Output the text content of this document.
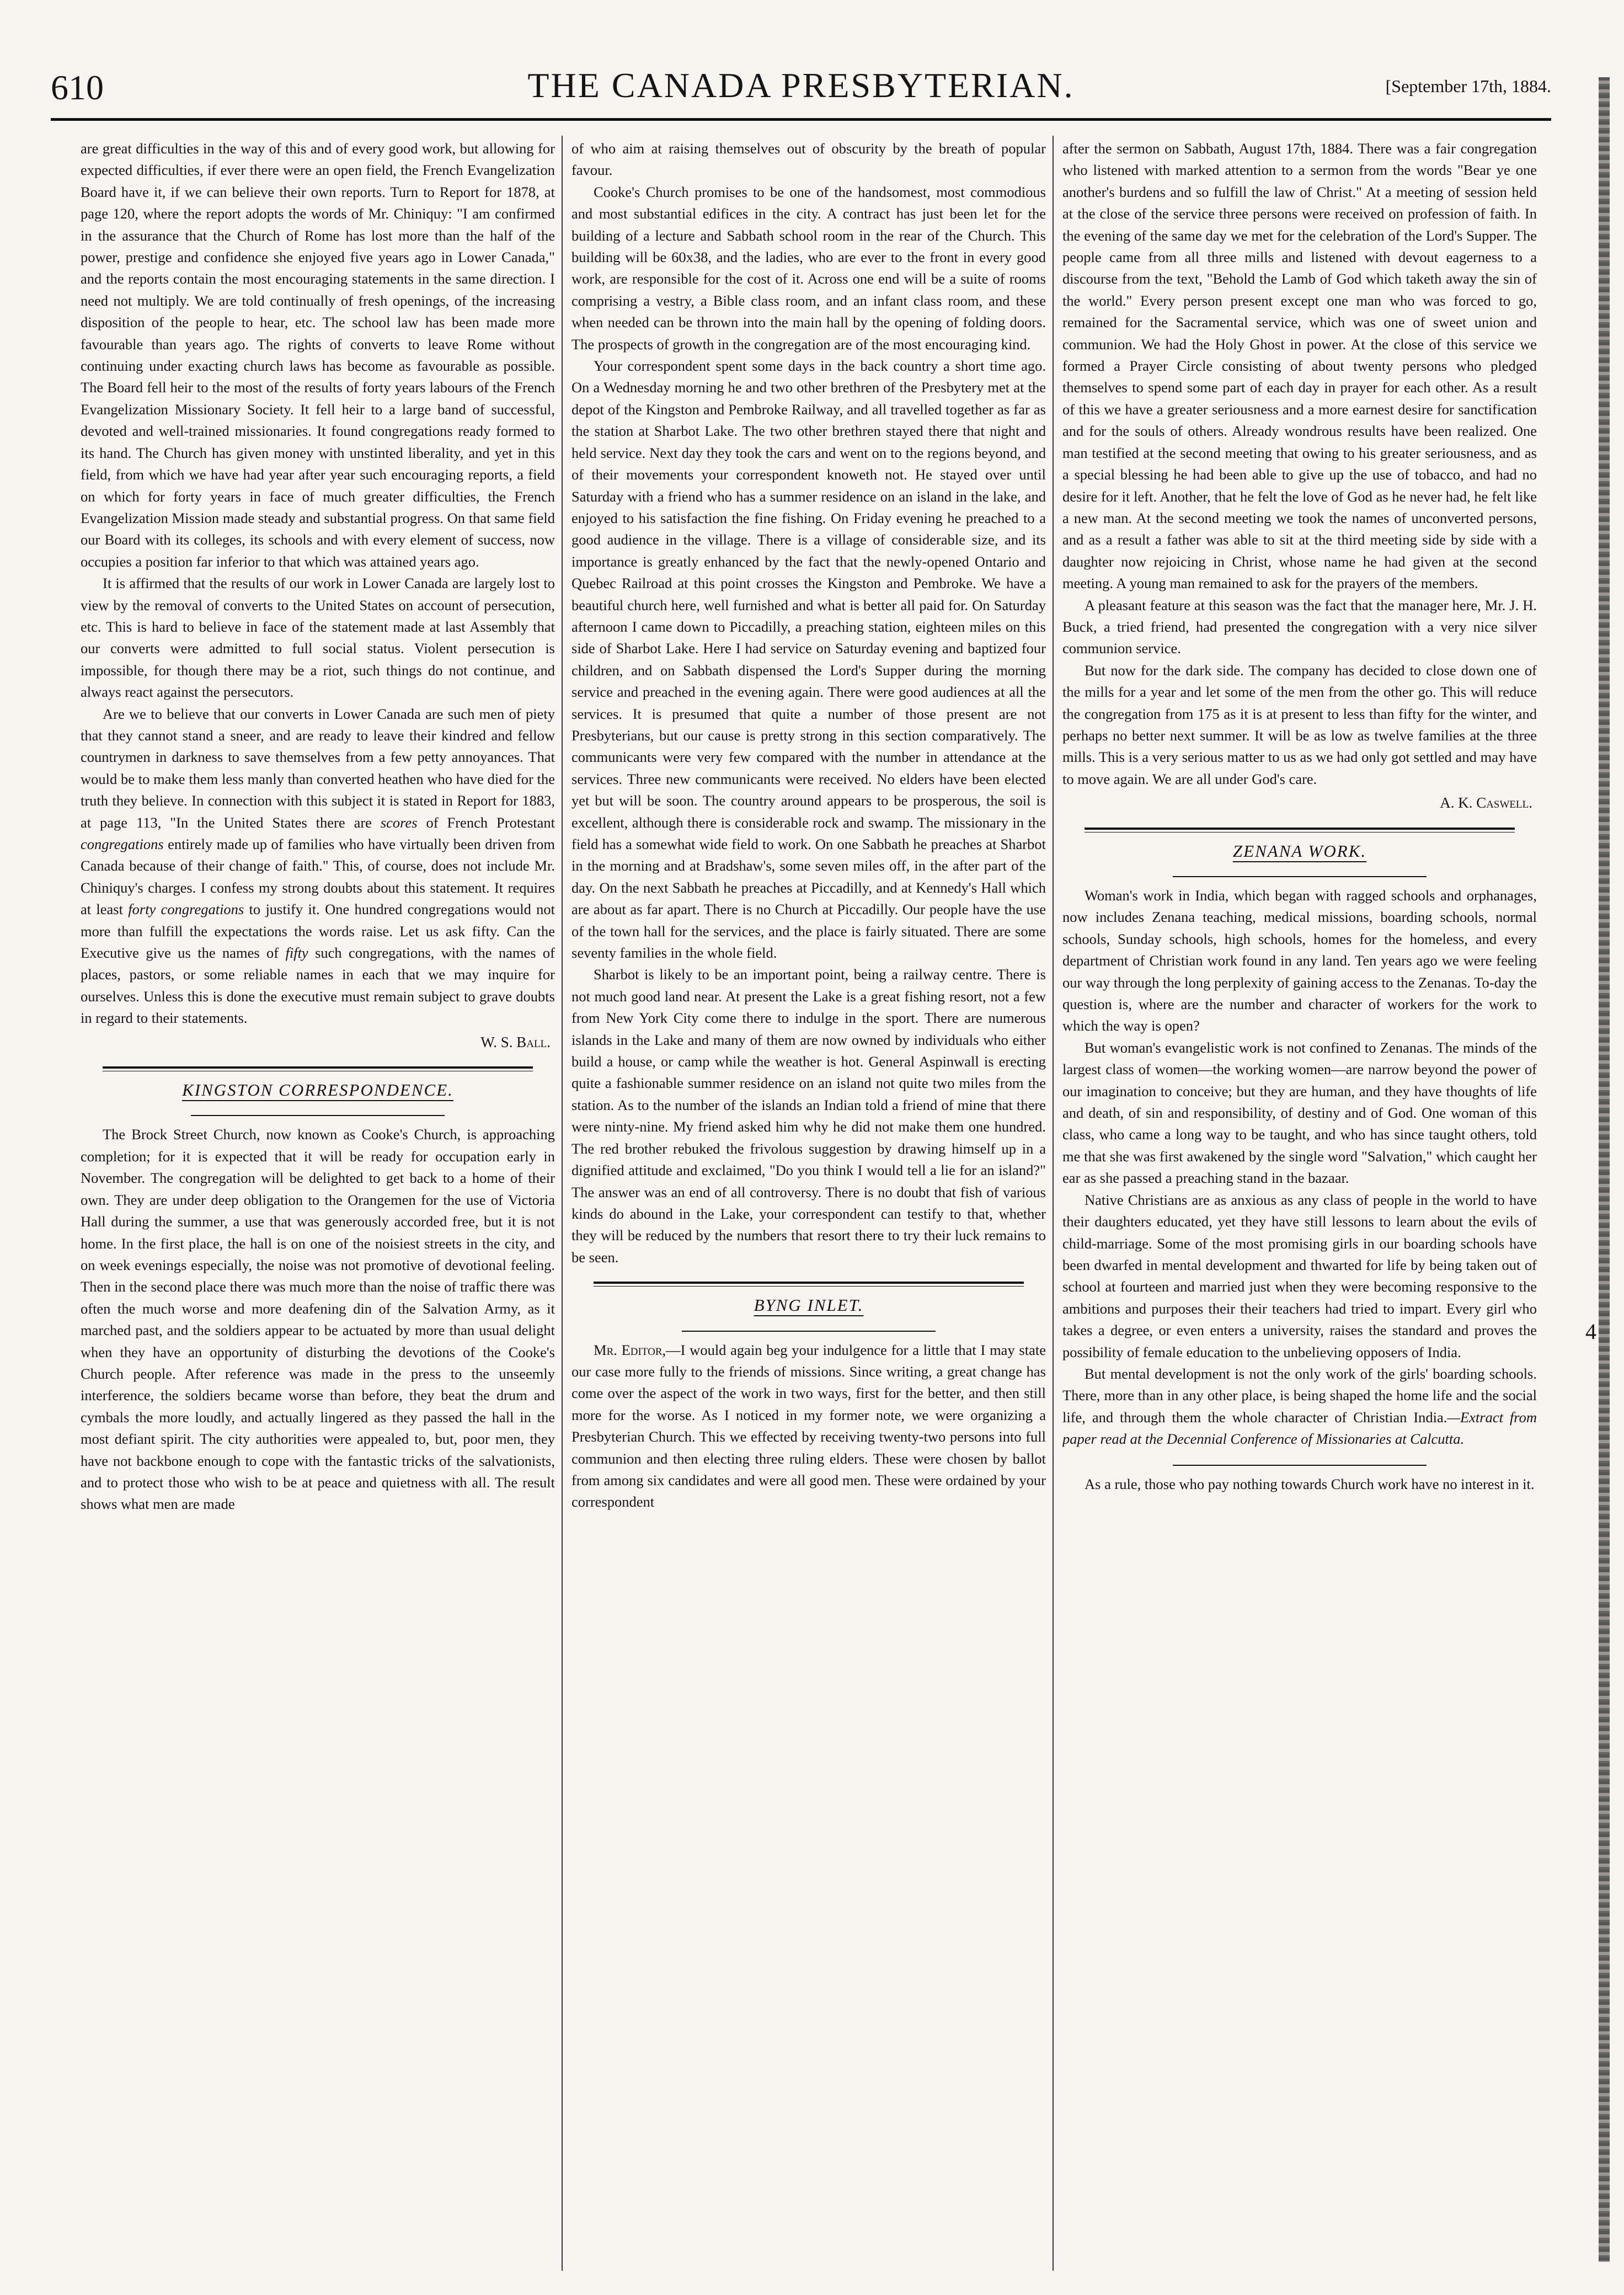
610	THE CANADA PRESBYTERIAN.	[September 17th, 1884.

are great difficulties in the way of this and of every good work, but allowing for expected difficulties, if ever there were an open field, the French Evangelization Board have it, if we can believe their own reports. Turn to Report for 1878, at page 120, where the report adopts the words of Mr. Chiniquy: "I am confirmed in the assurance that the Church of Rome has lost more than the half of the power, prestige and confidence she enjoyed five years ago in Lower Canada," and the reports contain the most encouraging statements in the same direction. I need not multiply. We are told continually of fresh openings, of the increasing disposition of the people to hear, etc. The school law has been made more favourable than years ago. The rights of converts to leave Rome without continuing under exacting church laws has become as favourable as possible. The Board fell heir to the most of the results of forty years labours of the French Evangelization Missionary Society. It fell heir to a large band of successful, devoted and well-trained missionaries. It found congregations ready formed to its hand. The Church has given money with unstinted liberality, and yet in this field, from which we have had year after year such encouraging reports, a field on which for forty years in face of much greater difficulties, the French Evangelization Mission made steady and substantial progress. On that same field our Board with its colleges, its schools and with every element of success, now occupies a position far inferior to that which was attained years ago.

It is affirmed that the results of our work in Lower Canada are largely lost to view by the removal of converts to the United States on account of persecution, etc. This is hard to believe in face of the statement made at last Assembly that our converts were admitted to full social status. Violent persecution is impossible, for though there may be a riot, such things do not continue, and always react against the persecutors.

Are we to believe that our converts in Lower Canada are such men of piety that they cannot stand a sneer, and are ready to leave their kindred and fellow countrymen in darkness to save themselves from a few petty annoyances. That would be to make them less manly than converted heathen who have died for the truth they believe. In connection with this subject it is stated in Report for 1883, at page 113, "In the United States there are scores of French Protestant congregations entirely made up of families who have virtually been driven from Canada because of their change of faith." This, of course, does not include Mr. Chiniquy's charges. I confess my strong doubts about this statement. It requires at least forty congregations to justify it. One hundred congregations would not more than fulfill the expectations the words raise. Let us ask fifty. Can the Executive give us the names of fifty such congregations, with the names of places, pastors, or some reliable names in each that we may inquire for ourselves. Unless this is done the executive must remain subject to grave doubts in regard to their statements.

W. S. Ball.
KINGSTON CORRESPONDENCE.

The Brock Street Church, now known as Cooke's Church, is approaching completion; for it is expected that it will be ready for occupation early in November. The congregation will be delighted to get back to a home of their own. They are under deep obligation to the Orangemen for the use of Victoria Hall during the summer, a use that was generously accorded free, but it is not home. In the first place, the hall is on one of the noisiest streets in the city, and on week evenings especially, the noise was not promotive of devotional feeling. Then in the second place there was much more than the noise of traffic there was often the much worse and more deafening din of the Salvation Army, as it marched past, and the soldiers appear to be actuated by more than usual delight when they have an opportunity of disturbing the devotions of the Cooke's Church people. After reference was made in the press to the unseemly interference, the soldiers became worse than before, they beat the drum and cymbals the more loudly, and actually lingered as they passed the hall in the most defiant spirit. The city authorities were appealed to, but, poor men, they have not backbone enough to cope with the fantastic tricks of the salvationists, and to protect those who wish to be at peace and quietness with all. The result shows what men are made

of who aim at raising themselves out of obscurity by the breath of popular favour.

Cooke's Church promises to be one of the handsomest, most commodious and most substantial edifices in the city. A contract has just been let for the building of a lecture and Sabbath school room in the rear of the Church. This building will be 60x38, and the ladies, who are ever to the front in every good work, are responsible for the cost of it. Across one end will be a suite of rooms comprising a vestry, a Bible class room, and an infant class room, and these when needed can be thrown into the main hall by the opening of folding doors. The prospects of growth in the congregation are of the most encouraging kind.

Your correspondent spent some days in the back country a short time ago. On a Wednesday morning he and two other brethren of the Presbytery met at the depot of the Kingston and Pembroke Railway, and all travelled together as far as the station at Sharbot Lake. The two other brethren stayed there that night and held service. Next day they took the cars and went on to the regions beyond, and of their movements your correspondent knoweth not. He stayed over until Saturday with a friend who has a summer residence on an island in the lake, and enjoyed to his satisfaction the fine fishing. On Friday evening he preached to a good audience in the village. There is a village of considerable size, and its importance is greatly enhanced by the fact that the newly-opened Ontario and Quebec Railroad at this point crosses the Kingston and Pembroke. We have a beautiful church here, well furnished and what is better all paid for. On Saturday afternoon I came down to Piccadilly, a preaching station, eighteen miles on this side of Sharbot Lake. Here I had service on Saturday evening and baptized four children, and on Sabbath dispensed the Lord's Supper during the morning service and preached in the evening again. There were good audiences at all the services. It is presumed that quite a number of those present are not Presbyterians, but our cause is pretty strong in this section comparatively. The communicants were very few compared with the number in attendance at the services. Three new communicants were received. No elders have been elected yet but will be soon. The country around appears to be prosperous, the soil is excellent, although there is considerable rock and swamp. The missionary in the field has a somewhat wide field to work. On one Sabbath he preaches at Sharbot in the morning and at Bradshaw's, some seven miles off, in the after part of the day. On the next Sabbath he preaches at Piccadilly, and at Kennedy's Hall which are about as far apart. There is no Church at Piccadilly. Our people have the use of the town hall for the services, and the place is fairly situated. There are some seventy families in the whole field.

Sharbot is likely to be an important point, being a railway centre. There is not much good land near. At present the Lake is a great fishing resort, not a few from New York City come there to indulge in the sport. There are numerous islands in the Lake and many of them are now owned by individuals who either build a house, or camp while the weather is hot. General Aspinwall is erecting quite a fashionable summer residence on an island not quite two miles from the station. As to the number of the islands an Indian told a friend of mine that there were ninty-nine. My friend asked him why he did not make them one hundred. The red brother rebuked the frivolous suggestion by drawing himself up in a dignified attitude and exclaimed, "Do you think I would tell a lie for an island?" The answer was an end of all controversy. There is no doubt that fish of various kinds do abound in the Lake, your correspondent can testify to that, whether they will be reduced by the numbers that resort there to try their luck remains to be seen.

BYNG INLET.

Mr. Editor,—I would again beg your indulgence for a little that I may state our case more fully to the friends of missions. Since writing, a great change has come over the aspect of the work in two ways, first for the better, and then still more for the worse. As I noticed in my former note, we were organizing a Presbyterian Church. This we effected by receiving twenty-two persons into full communion and then electing three ruling elders. These were chosen by ballot from among six candidates and were all good men. These were ordained by your correspondent

after the sermon on Sabbath, August 17th, 1884. There was a fair congregation who listened with marked attention to a sermon from the words "Bear ye one another's burdens and so fulfill the law of Christ." At a meeting of session held at the close of the service three persons were received on profession of faith. In the evening of the same day we met for the celebration of the Lord's Supper. The people came from all three mills and listened with devout eagerness to a discourse from the text, "Behold the Lamb of God which taketh away the sin of the world." Every person present except one man who was forced to go, remained for the Sacramental service, which was one of sweet union and communion. We had the Holy Ghost in power. At the close of this service we formed a Prayer Circle consisting of about twenty persons who pledged themselves to spend some part of each day in prayer for each other. As a result of this we have a greater seriousness and a more earnest desire for sanctification and for the souls of others. Already wondrous results have been realized. One man testified at the second meeting that owing to his greater seriousness, and as a special blessing he had been able to give up the use of tobacco, and had no desire for it left. Another, that he felt the love of God as he never had, he felt like a new man. At the second meeting we took the names of unconverted persons, and as a result a father was able to sit at the third meeting side by side with a daughter now rejoicing in Christ, whose name he had given at the second meeting. A young man remained to ask for the prayers of the members.

A pleasant feature at this season was the fact that the manager here, Mr. J. H. Buck, a tried friend, had presented the congregation with a very nice silver communion service.

But now for the dark side. The company has decided to close down one of the mills for a year and let some of the men from the other go. This will reduce the congregation from 175 as it is at present to less than fifty for the winter, and perhaps no better next summer. It will be as low as twelve families at the three mills. This is a very serious matter to us as we had only got settled and may have to move again. We are all under God's care.

A. K. Caswell.
ZENANA WORK.

Woman's work in India, which began with ragged schools and orphanages, now includes Zenana teaching, medical missions, boarding schools, normal schools, Sunday schools, high schools, homes for the homeless, and every department of Christian work found in any land. Ten years ago we were feeling our way through the long perplexity of gaining access to the Zenanas. To-day the question is, where are the number and character of workers for the work to which the way is open?

But woman's evangelistic work is not confined to Zenanas. The minds of the largest class of women—the working women—are narrow beyond the power of our imagination to conceive; but they are human, and they have thoughts of life and death, of sin and responsibility, of destiny and of God. One woman of this class, who came a long way to be taught, and who has since taught others, told me that she was first awakened by the single word "Salvation," which caught her ear as she passed a preaching stand in the bazaar.

Native Christians are as anxious as any class of people in the world to have their daughters educated, yet they have still lessons to learn about the evils of child-marriage. Some of the most promising girls in our boarding schools have been dwarfed in mental development and thwarted for life by being taken out of school at fourteen and married just when they were becoming responsive to the ambitions and purposes their their teachers had tried to impart. Every girl who takes a degree, or even enters a university, raises the standard and proves the possibility of female education to the unbelieving opposers of India.

But mental development is not the only work of the girls' boarding schools. There, more than in any other place, is being shaped the home life and the social life, and through them the whole character of Christian India.—Extract from paper read at the Decennial Conference of Missionaries at Calcutta.

As a rule, those who pay nothing towards Church work have no interest in it.

4
